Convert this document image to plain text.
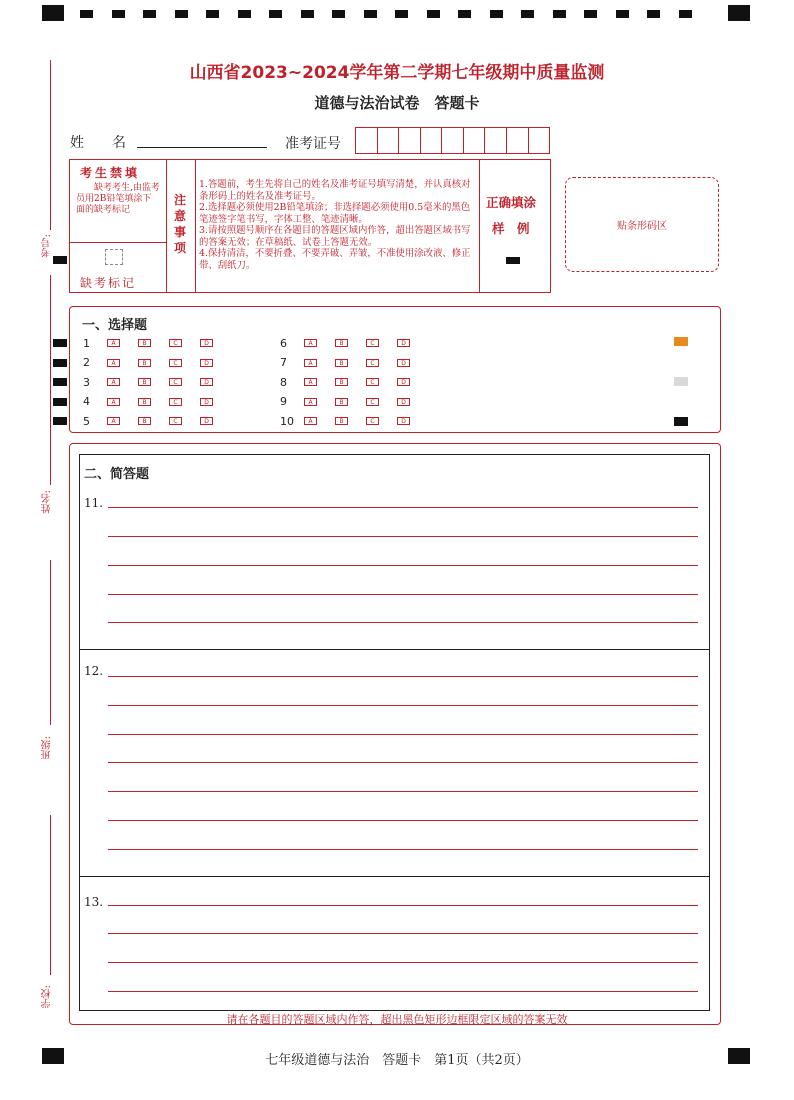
山西省2023~2024学年第二学期七年级期中质量监测
道德与法治试卷　答题卡
考号:
姓名:
班级:
学校:
姓　　名	准考证号
考生禁填
缺考考生,由监考员用2B铅笔填涂下面的缺考标记
缺考标记
注
意
事
项
1.答题前，考生先将自己的姓名及准考证号填写清楚，并认真核对条形码上的姓名及准考证号。
2.选择题必须使用2B铅笔填涂；非选择题必须使用0.5毫米的黑色笔迹签字笔书写，字体工整、笔迹清晰。
3.请按照题号顺序在各题目的答题区域内作答，超出答题区域书写的答案无效；在草稿纸、试卷上答题无效。
4.保持清洁，不要折叠、不要弄破、弄皱，不准使用涂改液、修正带、刮纸刀。
正确填涂
样　例	贴条形码区
一、选择题
1	A	B	C	D
2	A	B	C	D
3	A	B	C	D
4	A	B	C	D
5	A	B	C	D
6	A	B	C	D
7	A	B	C	D
8	A	B	C	D
9	A	B	C	D
10	A	B	C	D
二、简答题
11.
12.
13.
请在各题目的答题区域内作答，超出黑色矩形边框限定区域的答案无效
七年级道德与法治　答题卡　第1页（共2页）
